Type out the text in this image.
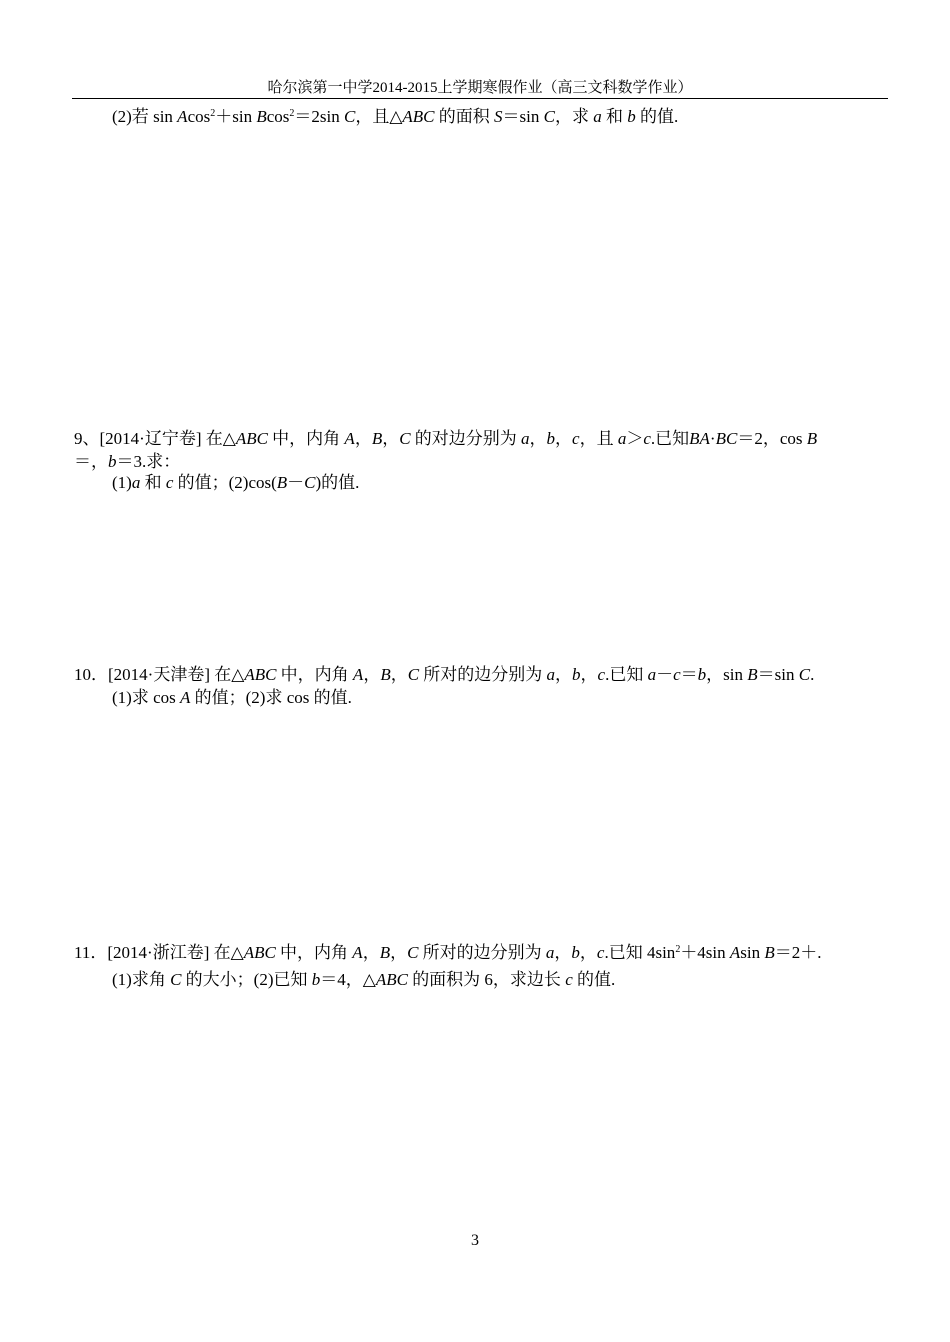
哈尔滨第一中学2014-2015上学期寒假作业（高三文科数学作业）
(2)若 sin Acos$^2$＋sin Bcos$^2$＝2sin C，且△ABC 的面积 S＝sin C，求 a 和 b 的值.
9、[2014·辽宁卷] 在△ABC 中，内角 A，B，C 的对边分别为 a，b，c，且 a＞c.已知BA·BC＝2，cos B
＝，b＝3.求：
(1)a 和 c 的值；(2)cos(B－C)的值.
10．[2014·天津卷] 在△ABC 中，内角 A，B，C 所对的边分别为 a，b，c.已知 a－c＝b，sin B＝sin C.
(1)求 cos A 的值；(2)求 cos 的值.
11．[2014·浙江卷] 在△ABC 中，内角 A，B，C 所对的边分别为 a，b，c.已知 $4\sin^2+4\sin$ Asin B＝2＋.
(1)求角 C 的大小；(2)已知 b＝4，△ABC 的面积为 6，求边长 c 的值.
3
